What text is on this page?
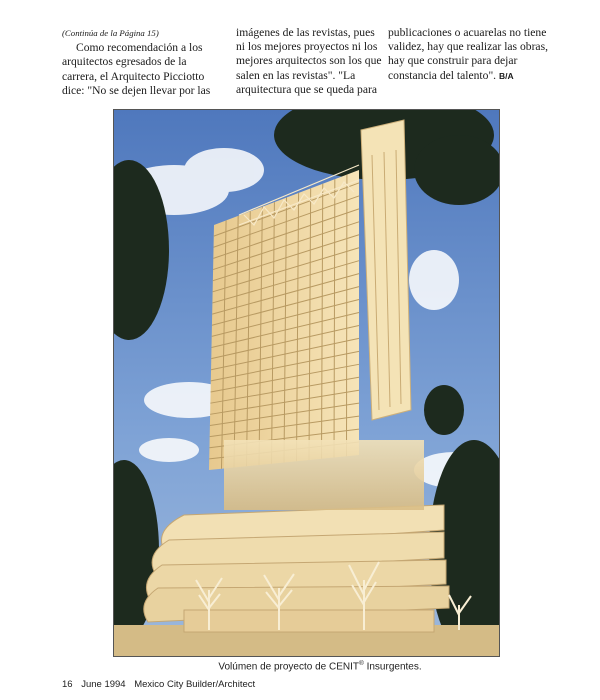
(Continúa de la Página 15)
Como recomendación a los arquitectos egresados de la carrera, el Arquitecto Picciotto dice: "No se dejen llevar por las
imágenes de las revistas, pues ni los mejores proyectos ni los mejores arquitectos son los que salen en las revistas". "La arquitectura que se queda para
publicaciones o acuarelas no tiene validez, hay que realizar las obras, hay que construir para dejar constancia del talento". B/A
Volúmen de proyecto de CENIT® Insurgentes.
16 June 1994 Mexico City Builder/Architect
